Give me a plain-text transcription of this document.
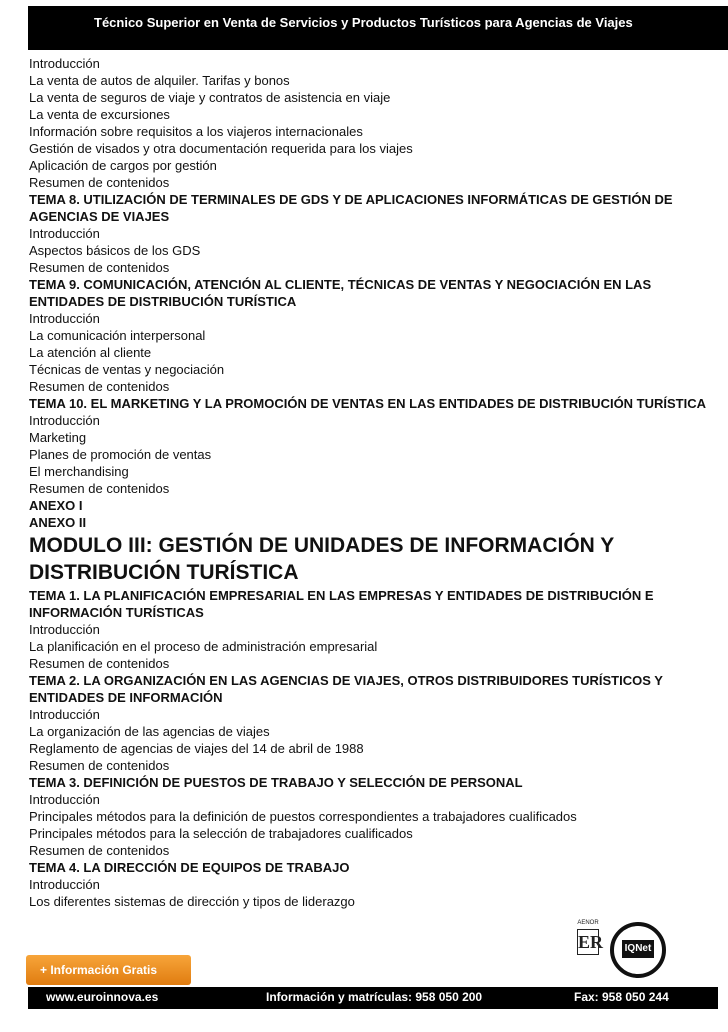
Técnico Superior en Venta de Servicios y Productos Turísticos para Agencias de Viajes
Introducción
La venta de autos de alquiler. Tarifas y bonos
La venta de seguros de viaje y contratos de asistencia en viaje
La venta de excursiones
Información sobre requisitos a los viajeros internacionales
Gestión de visados y otra documentación requerida para los viajes
Aplicación de cargos por gestión
Resumen de contenidos
TEMA 8. UTILIZACIÓN DE TERMINALES DE GDS Y DE APLICACIONES INFORMÁTICAS DE GESTIÓN DE AGENCIAS DE VIAJES
Introducción
Aspectos básicos de los GDS
Resumen de contenidos
TEMA 9. COMUNICACIÓN, ATENCIÓN AL CLIENTE, TÉCNICAS DE VENTAS Y NEGOCIACIÓN EN LAS ENTIDADES DE DISTRIBUCIÓN TURÍSTICA
Introducción
La comunicación interpersonal
La atención al cliente
Técnicas de ventas y negociación
Resumen de contenidos
TEMA 10. EL MARKETING Y LA PROMOCIÓN DE VENTAS EN LAS ENTIDADES DE DISTRIBUCIÓN TURÍSTICA
Introducción
Marketing
Planes de promoción de ventas
El merchandising
Resumen de contenidos
ANEXO I
ANEXO II
MODULO III: GESTIÓN DE UNIDADES DE INFORMACIÓN Y DISTRIBUCIÓN TURÍSTICA
TEMA 1. LA PLANIFICACIÓN EMPRESARIAL EN LAS EMPRESAS Y ENTIDADES DE DISTRIBUCIÓN E INFORMACIÓN TURÍSTICAS
Introducción
La planificación en el proceso de administración empresarial
Resumen de contenidos
TEMA 2. LA ORGANIZACIÓN EN LAS AGENCIAS DE VIAJES, OTROS DISTRIBUIDORES TURÍSTICOS Y ENTIDADES DE INFORMACIÓN
Introducción
La organización de las agencias de viajes
Reglamento de agencias de viajes del 14 de abril de 1988
Resumen de contenidos
TEMA 3. DEFINICIÓN DE PUESTOS DE TRABAJO Y SELECCIÓN DE PERSONAL
Introducción
Principales métodos para la definición de puestos correspondientes a trabajadores cualificados
Principales métodos para la selección de trabajadores cualificados
Resumen de contenidos
TEMA 4. LA DIRECCIÓN DE EQUIPOS DE TRABAJO
Introducción
Los diferentes sistemas de dirección y tipos de liderazgo
AENOR
ER IQNet
+ Información Gratis
www.euroinnova.es	Información y matrículas: 958 050 200	Fax: 958 050 244
